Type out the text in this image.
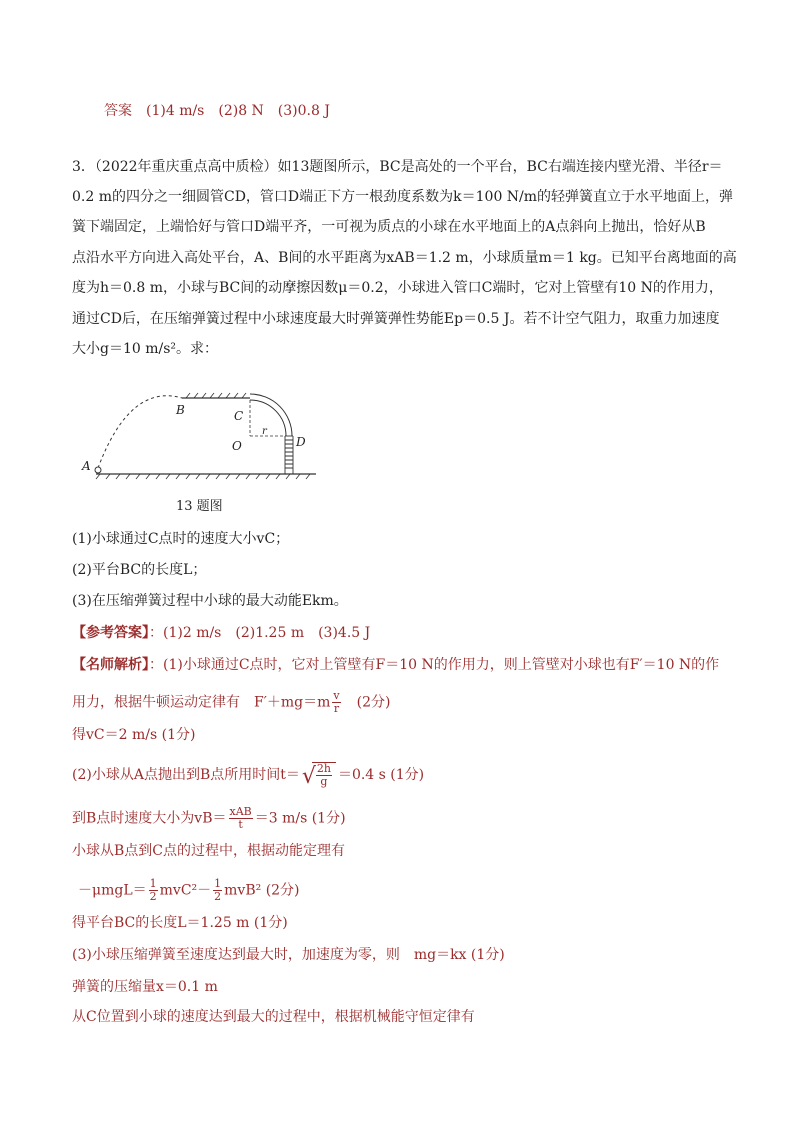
答案　(1)4 m/s　(2)8 N　(3)0.8 J
3．（2022年重庆重点高中质检）如13题图所示，BC是高处的一个平台，BC右端连接内壁光滑、半径r＝
0.2 m的四分之一细圆管CD，管口D端正下方一根劲度系数为k＝100 N/m的轻弹簧直立于水平地面上，弹
簧下端固定，上端恰好与管口D端平齐，一可视为质点的小球在水平地面上的A点斜向上抛出，恰好从B
点沿水平方向进入高处平台，A、B间的水平距离为xAB＝1.2 m，小球质量m＝1 kg。已知平台离地面的高
度为h＝0.8 m，小球与BC间的动摩擦因数μ＝0.2，小球进入管口C端时，它对上管壁有10 N的作用力，
通过CD后，在压缩弹簧过程中小球速度最大时弹簧弹性势能Ep＝0.5 J。若不计空气阻力，取重力加速度
大小g＝10 m/s²。求：
A
B	C
O
r
D
13 题图
(1)小球通过C点时的速度大小vC；
(2)平台BC的长度L；
(3)在压缩弹簧过程中小球的最大动能Ekm。
【参考答案】：(1)2 m/s　(2)1.25 m　(3)4.5 J
【名师解析】：(1)小球通过C点时，它对上管壁有F＝10 N的作用力，则上管壁对小球也有F′＝10 N的作
用力，根据牛顿运动定律有　$F'+mg=m \frac{v}{r}$ 　(2分)
得vC＝2 m/s (1分)
(2)小球从A点抛出到B点所用时间t＝ √ $\frac{2h}{g} =0.4$ s (1分)
到B点时速度大小为$vB= \frac{\text{xAB}}{t} =3$ m/s (1分)
小球从B点到C点的过程中，根据动能定理有
$-\mu mgL= \frac{1}{2} mvC^2- \frac{1}{2} mvB^2$ (2分)
得平台BC的长度L＝1.25 m (1分)
(3)小球压缩弹簧至速度达到最大时，加速度为零，则　mg＝kx (1分)
弹簧的压缩量x＝0.1 m
从C位置到小球的速度达到最大的过程中，根据机械能守恒定律有
